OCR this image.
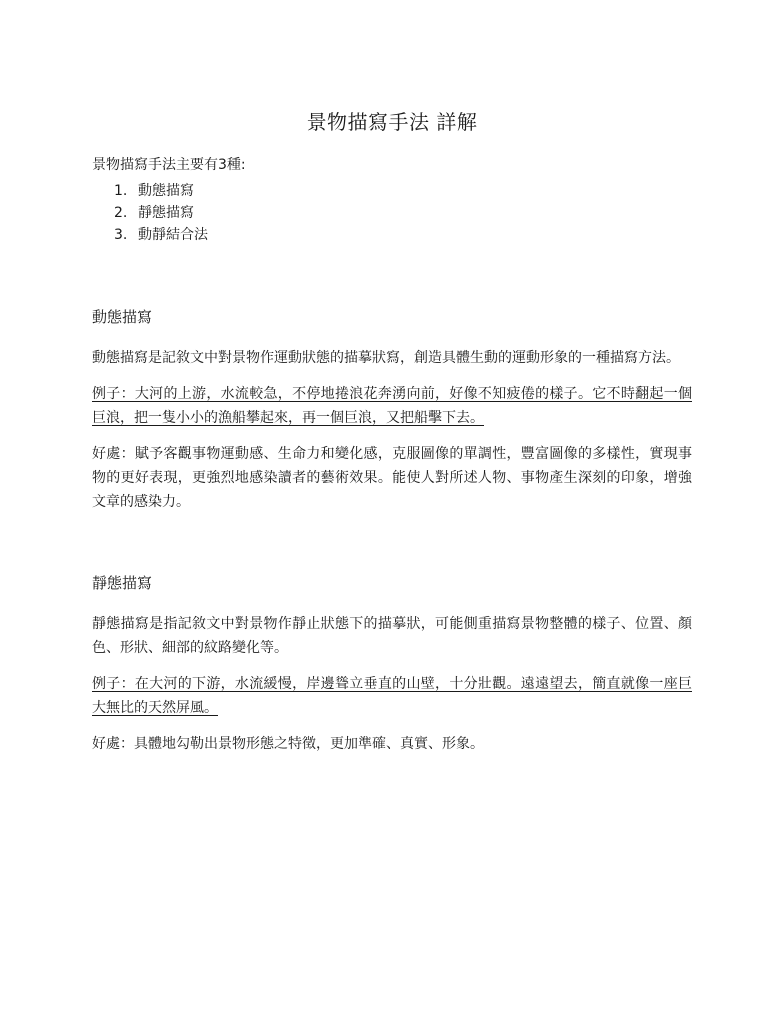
景物描寫手法 詳解

景物描寫手法主要有3種:

1. 動態描寫
2. 靜態描寫
3. 動靜結合法
動態描寫

動態描寫是記敘文中對景物作運動狀態的描摹狀寫，創造具體生動的運動形象的一種描寫方法。

例子：大河的上游，水流較急，不停地捲浪花奔湧向前，好像不知疲倦的樣子。它不時翻起一個巨浪，把一隻小小的漁船攀起來，再一個巨浪，又把船擊下去。

好處：賦予客觀事物運動感、生命力和變化感，克服圖像的單調性，豐富圖像的多樣性，實現事物的更好表現，更強烈地感染讀者的藝術效果。能使人對所述人物、事物產生深刻的印象，增強文章的感染力。

靜態描寫

靜態描寫是指記敘文中對景物作靜止狀態下的描摹狀，可能側重描寫景物整體的樣子、位置、顏色、形狀、細部的紋路變化等。

例子：在大河的下游，水流緩慢，岸邊聳立垂直的山壁，十分壯觀。遠遠望去，簡直就像一座巨大無比的天然屏風。

好處：具體地勾勒出景物形態之特徵，更加準確、真實、形象。
